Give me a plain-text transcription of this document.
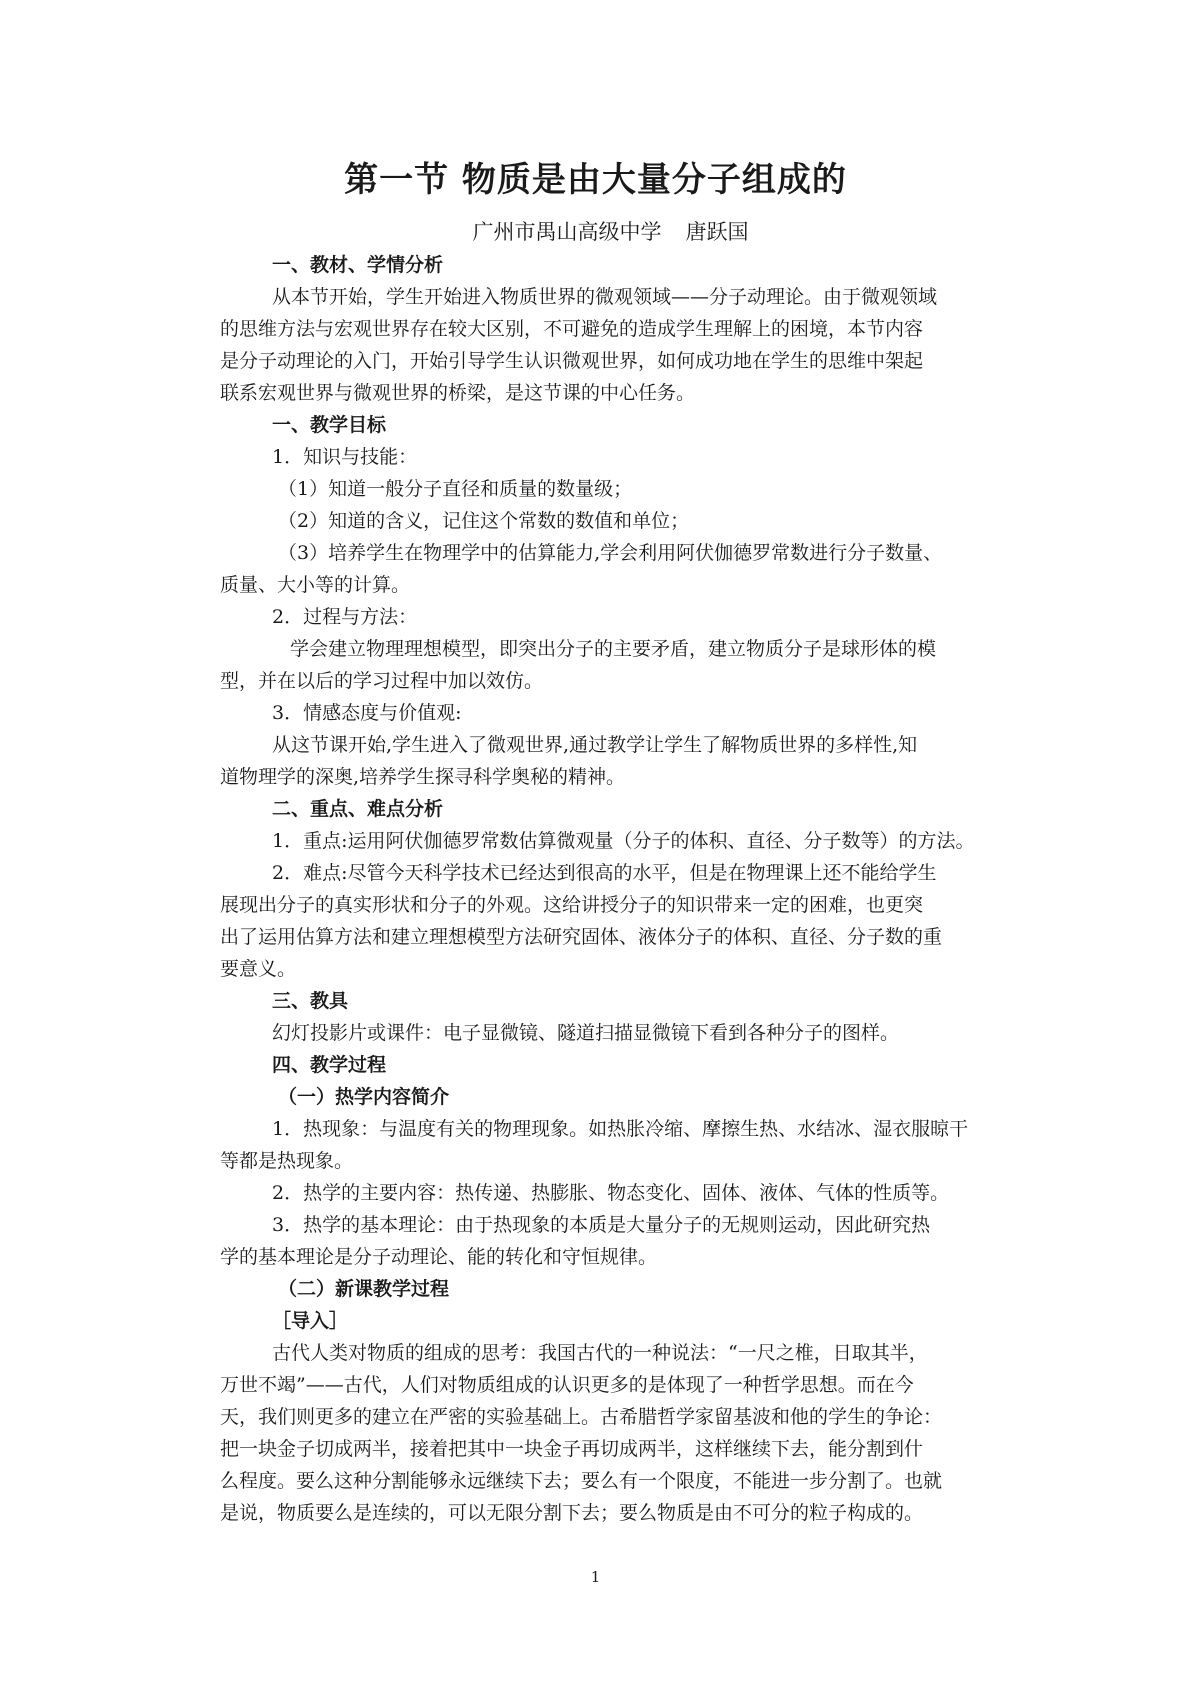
第一节 物质是由大量分子组成的
广州市禺山高级中学 唐跃国
一、教材、学情分析
从本节开始，学生开始进入物质世界的微观领域——分子动理论。由于微观领域
的思维方法与宏观世界存在较大区别，不可避免的造成学生理解上的困境，本节内容
是分子动理论的入门，开始引导学生认识微观世界，如何成功地在学生的思维中架起
联系宏观世界与微观世界的桥梁，是这节课的中心任务。
一、教学目标
1．知识与技能：
（1）知道一般分子直径和质量的数量级；
（2）知道的含义，记住这个常数的数值和单位；
（3）培养学生在物理学中的估算能力,学会利用阿伏伽德罗常数进行分子数量、
质量、大小等的计算。
2．过程与方法：
学会建立物理理想模型，即突出分子的主要矛盾，建立物质分子是球形体的模
型，并在以后的学习过程中加以效仿。
3．情感态度与价值观:
从这节课开始,学生进入了微观世界,通过教学让学生了解物质世界的多样性,知
道物理学的深奥,培养学生探寻科学奥秘的精神。
二、重点、难点分析
1．重点:运用阿伏伽德罗常数估算微观量（分子的体积、直径、分子数等）的方法。
2．难点:尽管今天科学技术已经达到很高的水平，但是在物理课上还不能给学生
展现出分子的真实形状和分子的外观。这给讲授分子的知识带来一定的困难，也更突
出了运用估算方法和建立理想模型方法研究固体、液体分子的体积、直径、分子数的重
要意义。
三、教具
幻灯投影片或课件：电子显微镜、隧道扫描显微镜下看到各种分子的图样。
四、教学过程
（一）热学内容简介
1．热现象：与温度有关的物理现象。如热胀冷缩、摩擦生热、水结冰、湿衣服晾干
等都是热现象。
2．热学的主要内容：热传递、热膨胀、物态变化、固体、液体、气体的性质等。
3．热学的基本理论：由于热现象的本质是大量分子的无规则运动，因此研究热
学的基本理论是分子动理论、能的转化和守恒规律。
（二）新课教学过程
［导入］
古代人类对物质的组成的思考：我国古代的一种说法：“一尺之椎，日取其半，
万世不竭”——古代，人们对物质组成的认识更多的是体现了一种哲学思想。而在今
天，我们则更多的建立在严密的实验基础上。古希腊哲学家留基波和他的学生的争论：
把一块金子切成两半，接着把其中一块金子再切成两半，这样继续下去，能分割到什
么程度。要么这种分割能够永远继续下去；要么有一个限度，不能进一步分割了。也就
是说，物质要么是连续的，可以无限分割下去；要么物质是由不可分的粒子构成的。
1
